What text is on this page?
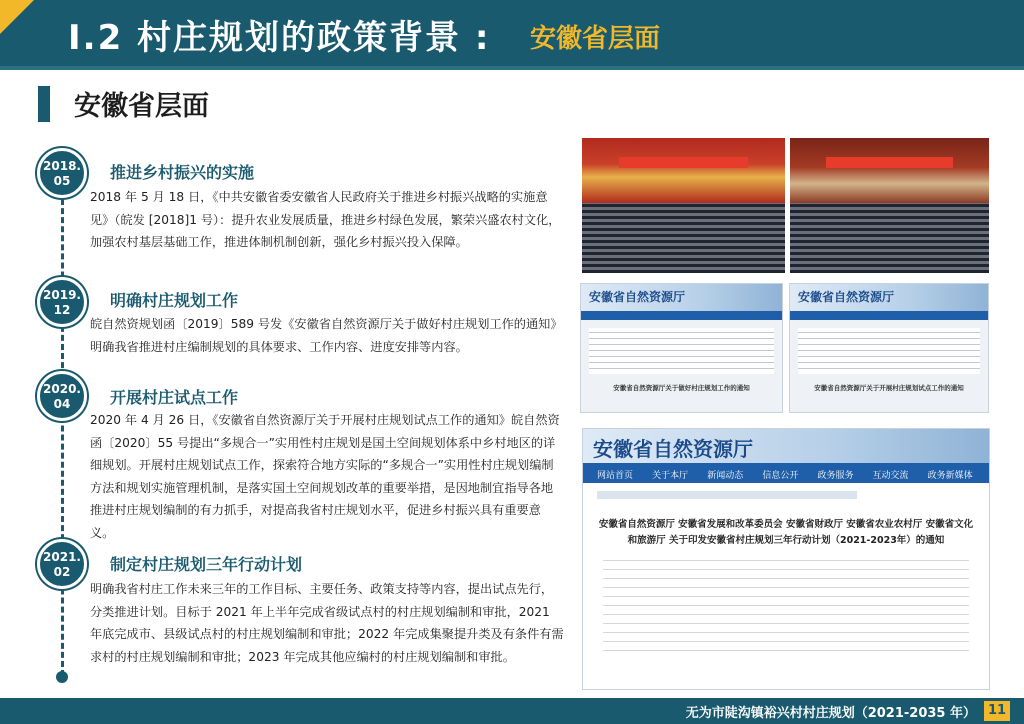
I.2 村庄规划的政策背景 : 安徽省层面
安徽省层面
2018.
05	推进乡村振兴的实施
2018 年 5 月 18 日，《中共安徽省委安徽省人民政府关于推进乡村振兴战略的实施意见》（皖发 [2018]1 号）：提升农业发展质量，推进乡村绿色发展，繁荣兴盛农村文化，加强农村基层基础工作，推进体制机制创新，强化乡村振兴投入保障。
2019.
12	明确村庄规划工作
皖自然资规划函〔2019〕589 号发《安徽省自然资源厅关于做好村庄规划工作的通知》明确我省推进村庄编制规划的具体要求、工作内容、进度安排等内容。
2020.
04	开展村庄试点工作
2020 年 4 月 26 日，《安徽省自然资源厅关于开展村庄规划试点工作的通知》皖自然资函〔2020〕55 号提出“多规合一”实用性村庄规划是国土空间规划体系中乡村地区的详细规划。开展村庄规划试点工作，探索符合地方实际的“多规合一”实用性村庄规划编制方法和规划实施管理机制，是落实国土空间规划改革的重要举措，是因地制宜指导各地推进村庄规划编制的有力抓手，对提高我省村庄规划水平，促进乡村振兴具有重要意义。
2021.
02	制定村庄规划三年行动计划
明确我省村庄工作未来三年的工作目标、主要任务、政策支持等内容，提出试点先行，分类推进计划。目标于 2021 年上半年完成省级试点村的村庄规划编制和审批，2021 年底完成市、县级试点村的村庄规划编制和审批；2022 年完成集聚提升类及有条件有需求村的村庄规划编制和审批；2023 年完成其他应编村的村庄规划编制和审批。
安徽省自然资源厅
安徽省自然资源厅关于做好村庄规划工作的通知
安徽省自然资源厅
安徽省自然资源厅关于开展村庄规划试点工作的通知
安徽省自然资源厅
网站首页 关于本厅 新闻动态 信息公开 政务服务 互动交流 政务新媒体
安徽省自然资源厅 安徽省发展和改革委员会 安徽省财政厅 安徽省农业农村厅 安徽省文化和旅游厅 关于印发安徽省村庄规划三年行动计划（2021-2023年）的通知
无为市陡沟镇裕兴村村庄规划（2021-2035 年） 11
